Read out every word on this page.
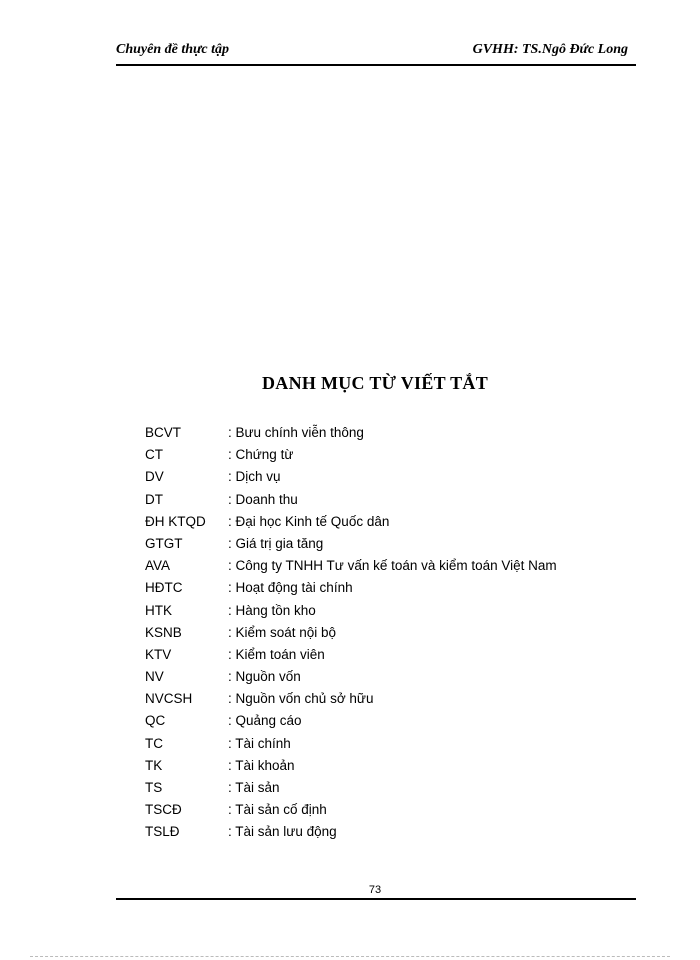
Chuyên đề thực tập	GVHH: TS.Ngô Đức Long
DANH MỤC TỪ VIẾT TẮT
BCVT	: Bưu chính viễn thông
CT	: Chứng từ
DV	: Dịch vụ
DT	: Doanh thu
ĐH KTQD : Đại học Kinh tế Quốc dân
GTGT	: Giá trị gia tăng
AVA	: Công ty TNHH Tư vấn kế toán và kiểm toán Việt Nam
HĐTC	: Hoạt động tài chính
HTK	: Hàng tồn kho
KSNB	: Kiểm soát nội bộ
KTV	: Kiểm toán viên
NV	: Nguồn vốn
NVCSH	: Nguồn vốn chủ sở hữu
QC	: Quảng cáo
TC	: Tài chính
TK	: Tài khoản
TS	: Tài sản
TSCĐ	: Tài sản cố định
TSLĐ	: Tài sản lưu động
73
